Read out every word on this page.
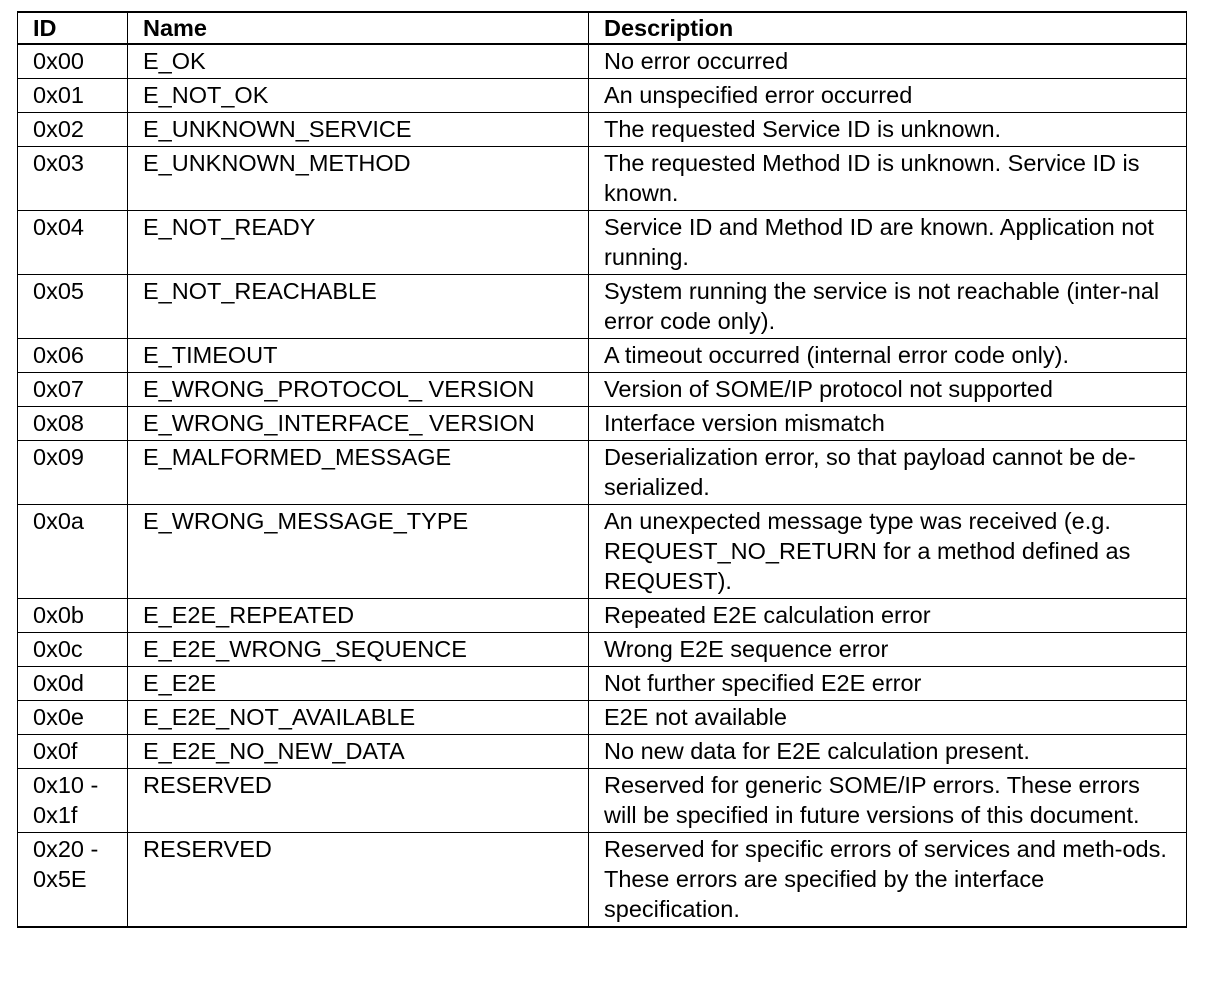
ID	Name	Description
0x00	E_OK	No error occurred
0x01	E_NOT_OK	An unspecified error occurred
0x02	E_UNKNOWN_SERVICE	The requested Service ID is unknown.
0x03	E_UNKNOWN_METHOD	The requested Method ID is unknown. Service ID is known.
0x04	E_NOT_READY	Service ID and Method ID are known. Application not running.
0x05	E_NOT_REACHABLE	System running the service is not reachable (inter-nal error code only).
0x06	E_TIMEOUT	A timeout occurred (internal error code only).
0x07	E_WRONG_PROTOCOL_ VERSION	Version of SOME/IP protocol not supported
0x08	E_WRONG_INTERFACE_ VERSION	Interface version mismatch
0x09	E_MALFORMED_MESSAGE	Deserialization error, so that payload cannot be de-serialized.
0x0a	E_WRONG_MESSAGE_TYPE	An unexpected message type was received (e.g. REQUEST_NO_RETURN for a method defined as REQUEST).
0x0b	E_E2E_REPEATED	Repeated E2E calculation error
0x0c	E_E2E_WRONG_SEQUENCE	Wrong E2E sequence error
0x0d	E_E2E	Not further specified E2E error
0x0e	E_E2E_NOT_AVAILABLE	E2E not available
0x0f	E_E2E_NO_NEW_DATA	No new data for E2E calculation present.
0x10 - 0x1f	RESERVED	Reserved for generic SOME/IP errors. These errors will be specified in future versions of this document.
0x20 - 0x5E	RESERVED	Reserved for specific errors of services and meth-ods. These errors are specified by the interface specification.
